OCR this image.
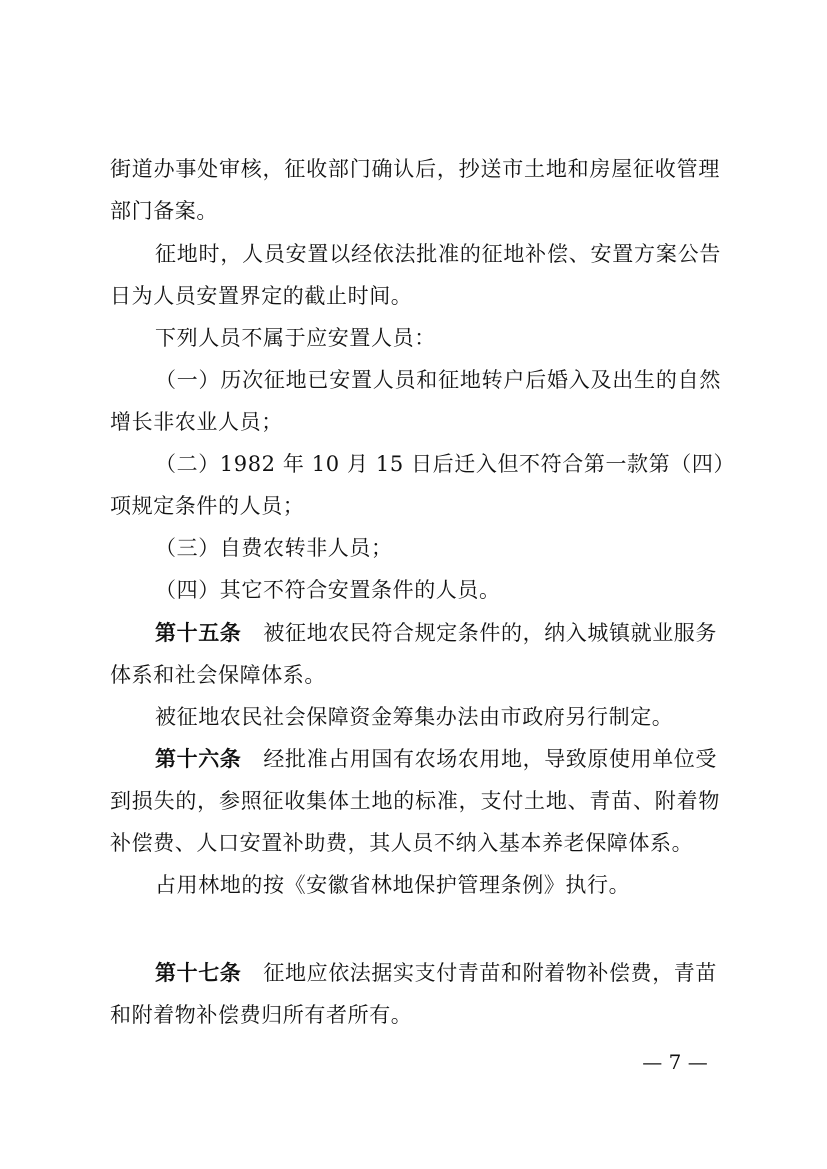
街道办事处审核，征收部门确认后，抄送市土地和房屋征收管理
部门备案。
征地时，人员安置以经依法批准的征地补偿、安置方案公告
日为人员安置界定的截止时间。
下列人员不属于应安置人员：
（一）历次征地已安置人员和征地转户后婚入及出生的自然
增长非农业人员；
（二）1982 年 10 月 15 日后迁入但不符合第一款第（四）
项规定条件的人员；
（三）自费农转非人员；
（四）其它不符合安置条件的人员。
第十五条 被征地农民符合规定条件的，纳入城镇就业服务
体系和社会保障体系。
被征地农民社会保障资金筹集办法由市政府另行制定。
第十六条 经批准占用国有农场农用地，导致原使用单位受
到损失的，参照征收集体土地的标准，支付土地、青苗、附着物
补偿费、人口安置补助费，其人员不纳入基本养老保障体系。
占用林地的按《安徽省林地保护管理条例》执行。
第十七条 征地应依法据实支付青苗和附着物补偿费，青苗
和附着物补偿费归所有者所有。
— 7 —
